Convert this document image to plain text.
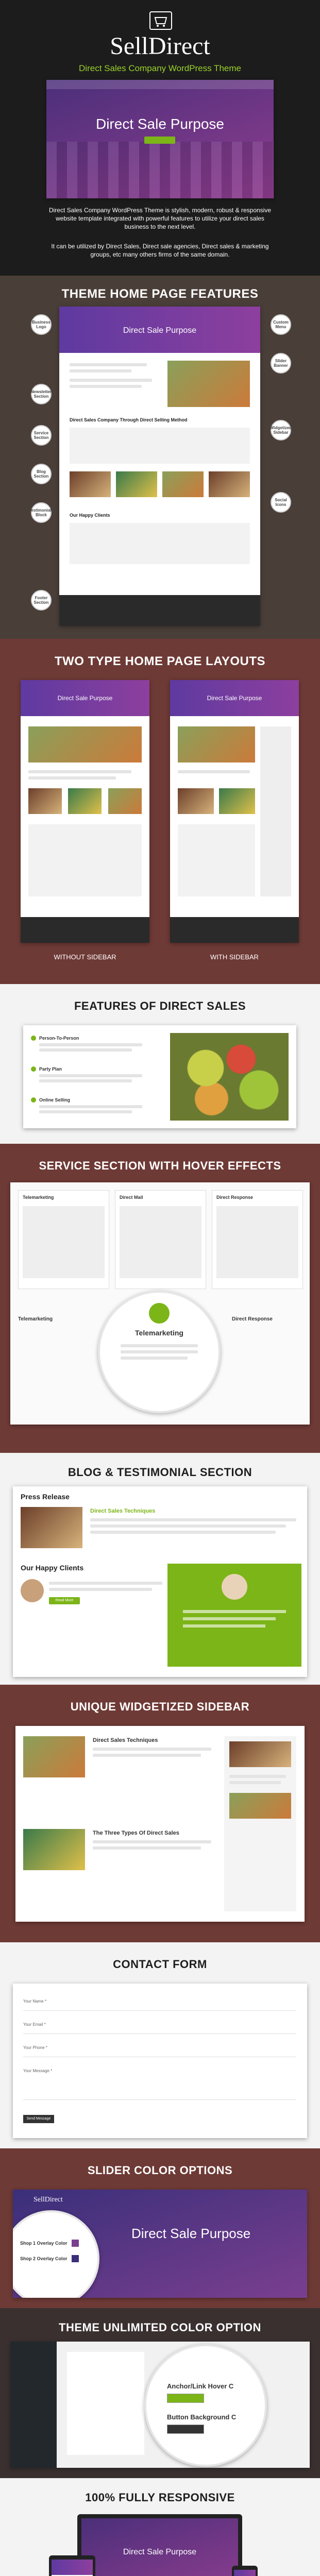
SellDirect
Direct Sales Company WordPress Theme
Direct Sale Purpose
Direct Sales Company WordPress Theme is stylish, modern, robust & responsive website template integrated with powerful features to utilize your direct sales business to the next level.
It can be utilized by Direct Sales, Direct sale agencies, Direct sales & marketing groups, etc many others firms of the same domain.
THEME HOME PAGE FEATURES
Direct Sale Purpose
Direct Sales Company Through Direct Selling Method
Our Happy Clients
Business Logo
Custom Menu
Slider Banner
Newsletter Section
Widgetized Sidebar
Service Section
Blog Section
Testimonials Block
Social Icons
Footer Section
TWO TYPE HOME PAGE LAYOUTS
Direct Sale Purpose	Direct Sale Purpose
WITHOUT SIDEBAR	WITH SIDEBAR
FEATURES OF DIRECT SALES
Person-To-Person
Party Plan
Online Selling
SERVICE SECTION WITH HOVER EFFECTS
Telemarketing	Direct Mail	Direct Response
Telemarketing
Telemarketing	Direct Response
BLOG & TESTIMONIAL SECTION
Press Release
Direct Sales Techniques
Our Happy Clients
Read More
UNIQUE WIDGETIZED SIDEBAR
Direct Sales Techniques
The Three Types Of Direct Sales
CONTACT FORM
Your Name *
Your Email *
Your Phone *
Your Message *
Send Message
SLIDER COLOR OPTIONS
SellDirect
Direct Sale Purpose
Shop 1 Overlay Color
Shop 2 Overlay Color
THEME UNLIMITED COLOR OPTION
Anchor/Link Hover C
Button Background C
100% FULLY RESPONSIVE
Direct Sale Purpose
